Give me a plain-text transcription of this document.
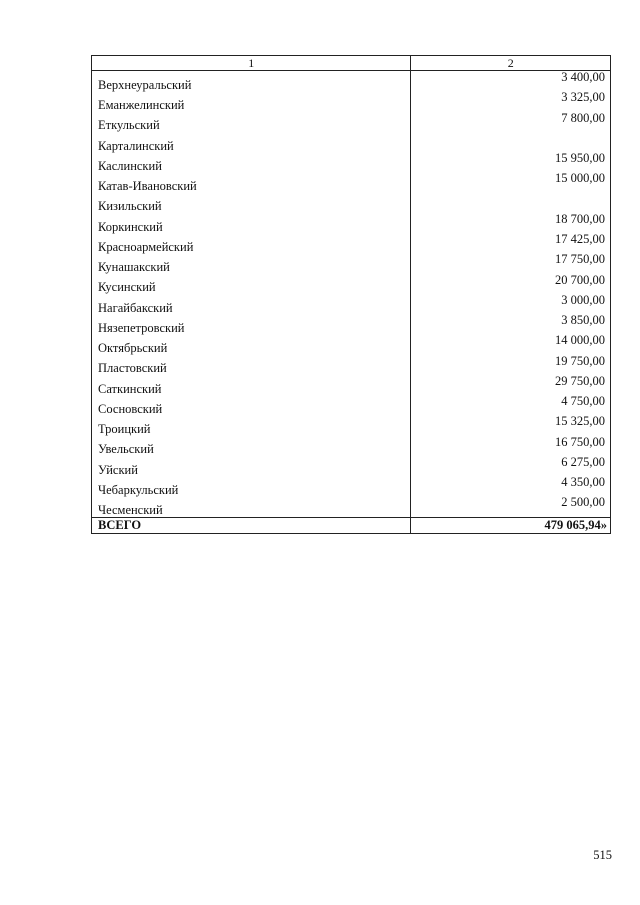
1	2
Верхнеуральский	3 400,00
Еманжелинский	3 325,00
Еткульский	7 800,00
Карталинский	
Каслинский	15 950,00
Катав-Ивановский	15 000,00
Кизильский	
Коркинский	18 700,00
Красноармейский	17 425,00
Кунашакский	17 750,00
Кусинский	20 700,00
Нагайбакский	3 000,00
Нязепетровский	3 850,00
Октябрьский	14 000,00
Пластовский	19 750,00
Саткинский	29 750,00
Сосновский	4 750,00
Троицкий	15 325,00
Увельский	16 750,00
Уйский	6 275,00
Чебаркульский	4 350,00
Чесменский	2 500,00
ВСЕГО	479 065,94»
515
